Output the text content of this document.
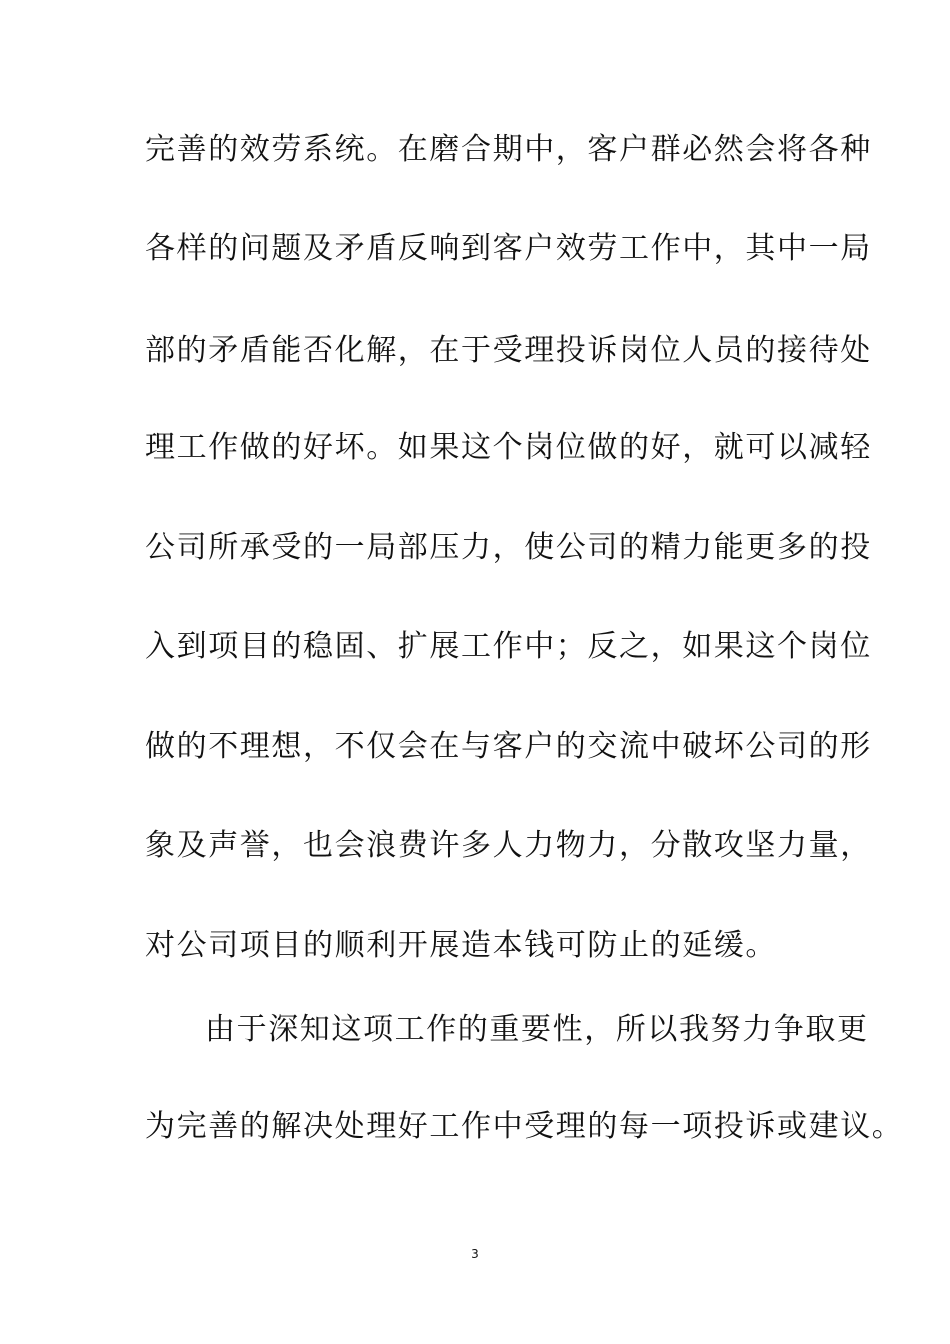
完善的效劳系统。在磨合期中，客户群必然会将各种
各样的问题及矛盾反响到客户效劳工作中，其中一局
部的矛盾能否化解，在于受理投诉岗位人员的接待处
理工作做的好坏。如果这个岗位做的好，就可以减轻
公司所承受的一局部压力，使公司的精力能更多的投
入到项目的稳固、扩展工作中；反之，如果这个岗位
做的不理想，不仅会在与客户的交流中破坏公司的形
象及声誉，也会浪费许多人力物力，分散攻坚力量，
对公司项目的顺利开展造本钱可防止的延缓。
由于深知这项工作的重要性，所以我努力争取更
为完善的解决处理好工作中受理的每一项投诉或建议。
3
